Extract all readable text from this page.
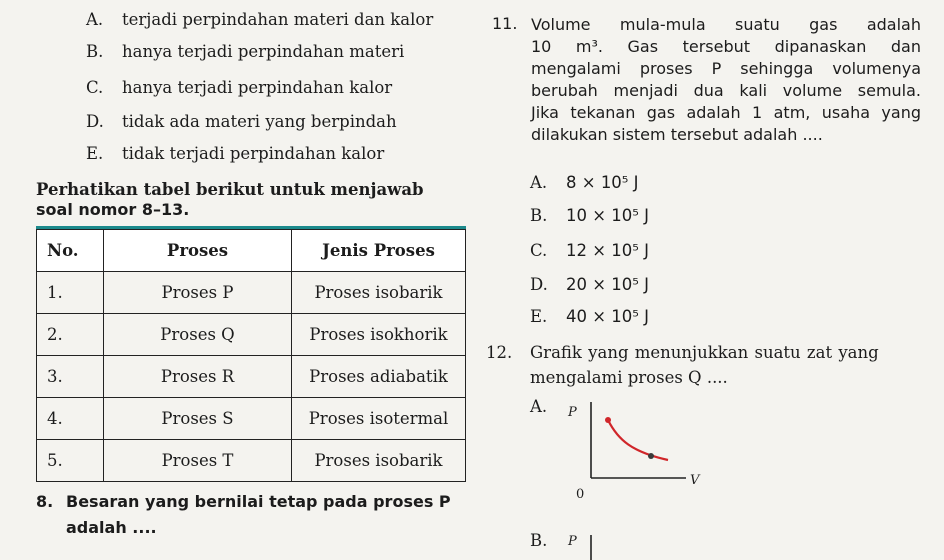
A. terjadi perpindahan materi dan kalor
B. hanya terjadi perpindahan materi
C. hanya terjadi perpindahan kalor
D. tidak ada materi yang berpindah
E. tidak terjadi perpindahan kalor
Perhatikan tabel berikut untuk menjawab
soal nomor 8–13.
No.	Proses	Jenis Proses
1.	Proses P	Proses isobarik
2.	Proses Q	Proses isokhorik
3.	Proses R	Proses adiabatik
4.	Proses S	Proses isotermal
5.	Proses T	Proses isobarik
8. Besaran yang bernilai tetap pada proses P
adalah ....
11. Volume mula-mula suatu gas adalah
10 m³. Gas tersebut dipanaskan dan
mengalami proses P sehingga volumenya
berubah menjadi dua kali volume semula.
Jika tekanan gas adalah 1 atm, usaha yang
dilakukan sistem tersebut adalah ....
A. 8 × 10⁵ J
B. 10 × 10⁵ J
C. 12 × 10⁵ J
D. 20 × 10⁵ J
E. 40 × 10⁵ J
12. Grafik yang menunjukkan suatu zat yang
mengalami proses Q ....
A. P
V
0
B. P
